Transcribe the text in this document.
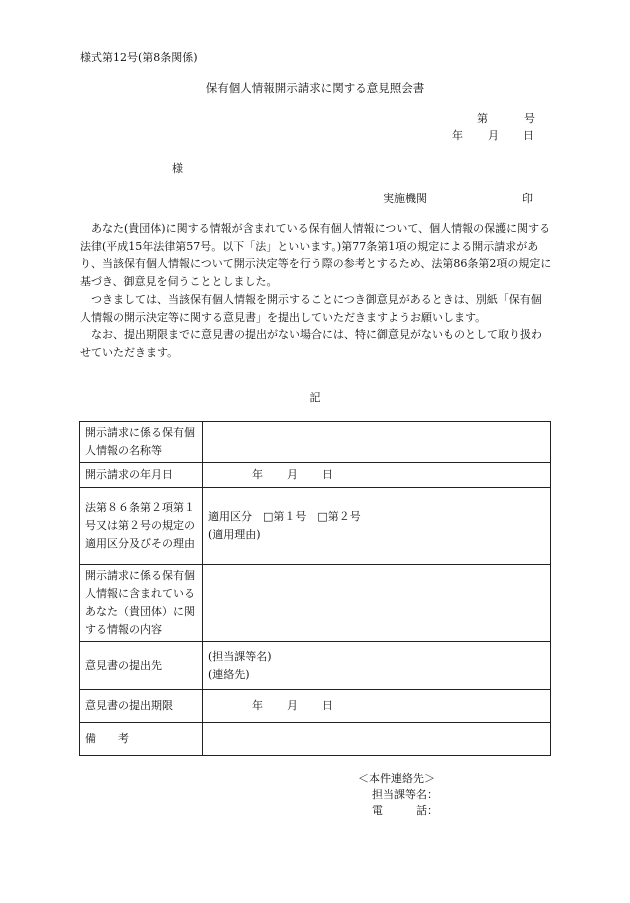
様式第12号(第8条関係)
保有個人情報開示請求に関する意見照会書
第	号
年 月 日
様
実施機関	印

あなた(貴団体)に関する情報が含まれている保有個人情報について、個人情報の保護に関する法律(平成15年法律第57号。以下「法」といいます。)第77条第1項の規定による開示請求があり、当該保有個人情報について開示決定等を行う際の参考とするため、法第86条第2項の規定に基づき、御意見を伺うこととしました。

つきましては、当該保有個人情報を開示することにつき御意見があるときは、別紙「保有個人情報の開示決定等に関する意見書」を提出していただきますようお願いします。

なお、提出期限までに意見書の提出がない場合には、特に御意見がないものとして取り扱わせていただきます。

記
開示請求に係る保有個人情報の名称等	
開示請求の年月日	年 月 日
法第８６条第２項第１号又は第２号の規定の適用区分及びその理由	適用区分　 □第１号　 □第２号
(適用理由)

開示請求に係る保有個人情報に含まれているあなた（貴団体）に関する情報の内容	
意見書の提出先	(担当課等名)
(連絡先)

意見書の提出期限	年 月 日
備　　考	
＜本件連絡先＞
担当課等名：
電　　　話：
